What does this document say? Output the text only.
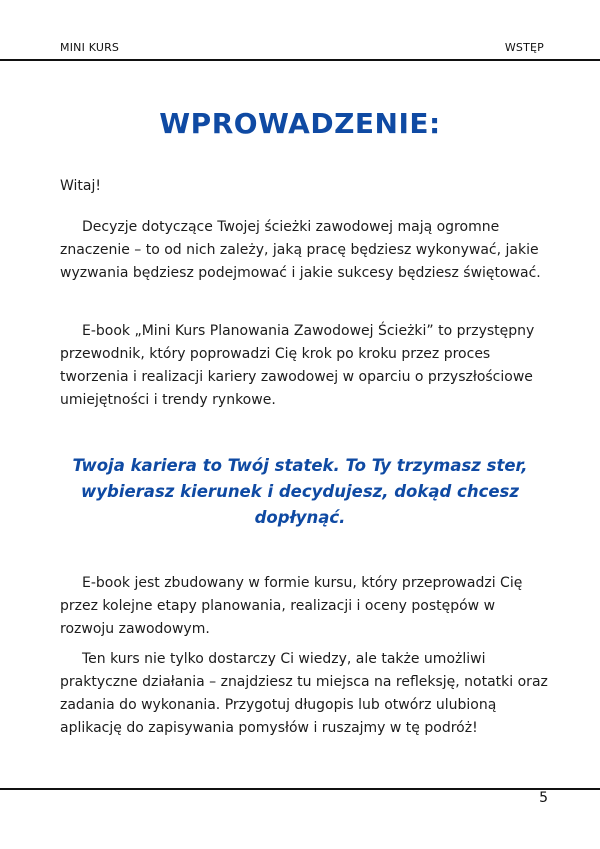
MINI KURS	WSTĘP
WPROWADZENIE:

Witaj!

Decyzje dotyczące Twojej ścieżki zawodowej mają ogromne znaczenie – to od nich zależy, jaką pracę będziesz wykonywać, jakie wyzwania będziesz podejmować i jakie sukcesy będziesz świętować.

E-book „Mini Kurs Planowania Zawodowej Ścieżki” to przystępny przewodnik, który poprowadzi Cię krok po kroku przez proces tworzenia i realizacji kariery zawodowej w oparciu o przyszłościowe umiejętności i trendy rynkowe.

Twoja kariera to Twój statek. To Ty trzymasz ster, wybierasz kierunek i decydujesz, dokąd chcesz dopłynąć.

E-book jest zbudowany w formie kursu, który przeprowadzi Cię przez kolejne etapy planowania, realizacji i oceny postępów w rozwoju zawodowym.

Ten kurs nie tylko dostarczy Ci wiedzy, ale także umożliwi praktyczne działania – znajdziesz tu miejsca na refleksję, notatki oraz zadania do wykonania. Przygotuj długopis lub otwórz ulubioną aplikację do zapisywania pomysłów i ruszajmy w tę podróż!

5
